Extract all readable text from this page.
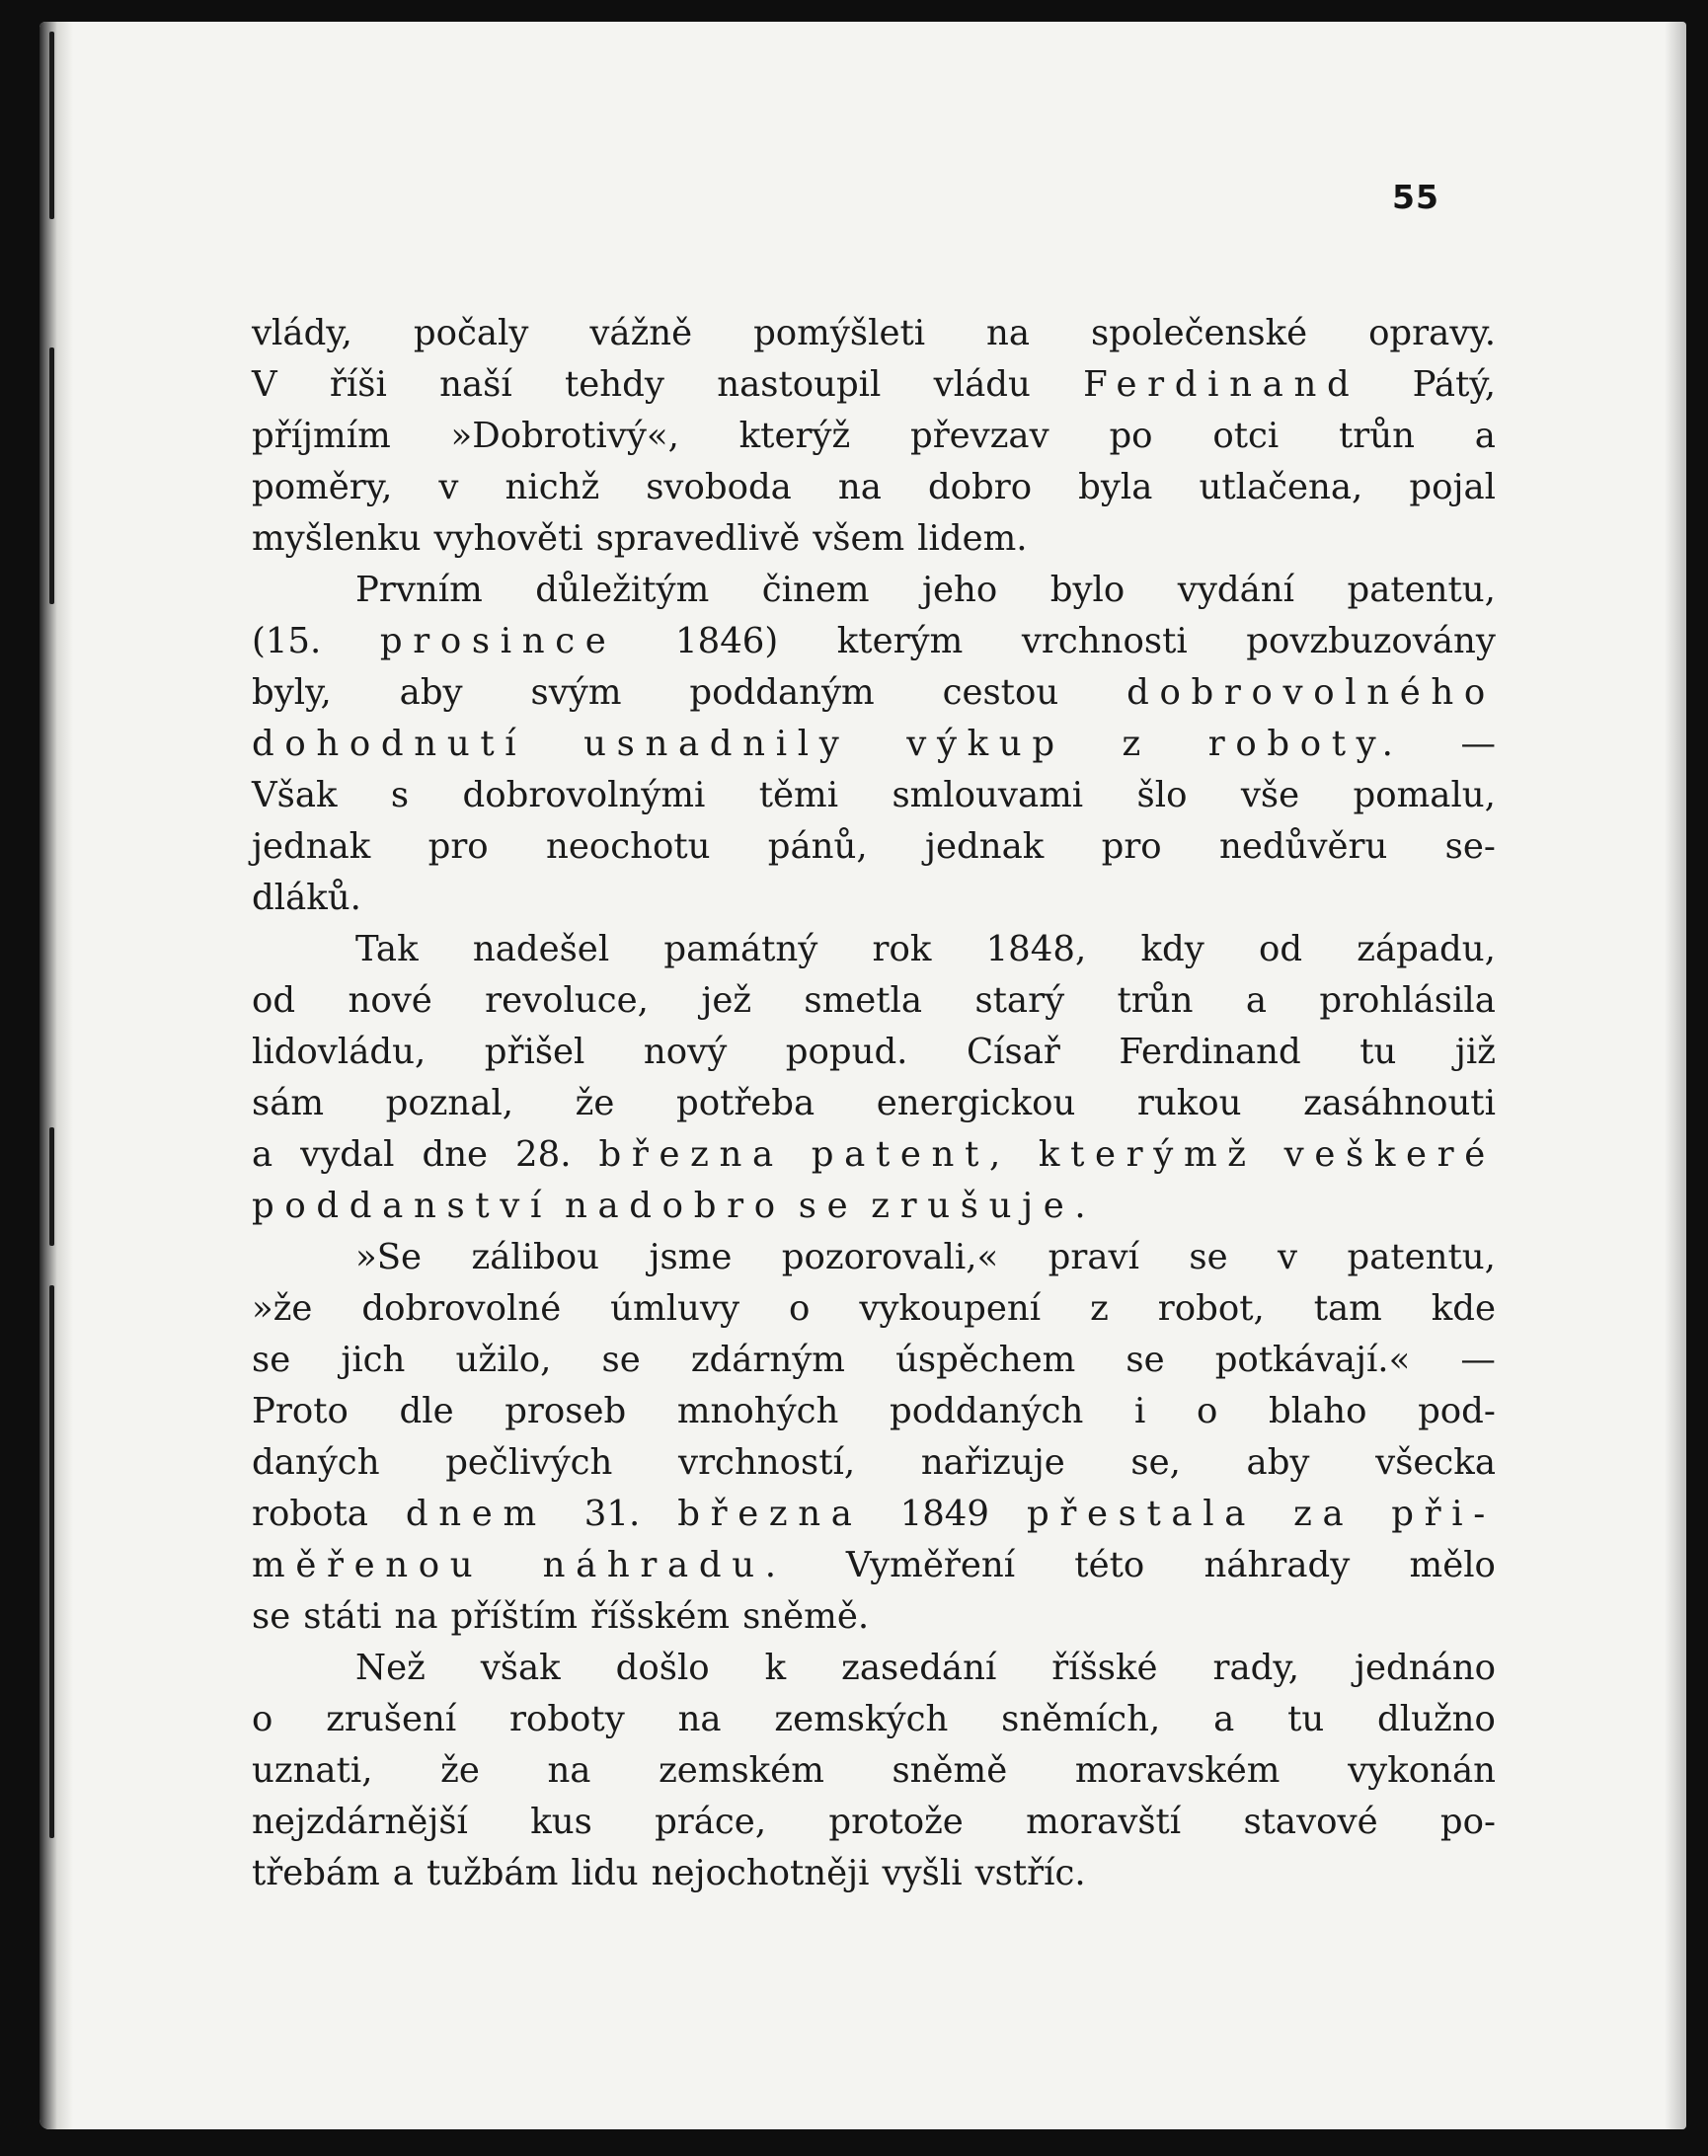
55
vlády, počaly vážně pomýšleti na společenské opravy.
V říši naší tehdy nastoupil vládu Ferdinand Pátý,
příjmím »Dobrotivý«, kterýž převzav po otci trůn a
poměry, v nichž svoboda na dobro byla utlačena, pojal
myšlenku vyhověti spravedlivě všem lidem.
Prvním důležitým činem jeho bylo vydání patentu,
(15. prosince 1846) kterým vrchnosti povzbuzovány
byly, aby svým poddaným cestou dobrovolného
dohodnutí usnadnily výkup z roboty. —
Však s dobrovolnými těmi smlouvami šlo vše pomalu,
jednak pro neochotu pánů, jednak pro nedůvěru se-
dláků.
Tak nadešel památný rok 1848, kdy od západu,
od nové revoluce, jež smetla starý trůn a prohlásila
lidovládu, přišel nový popud. Císař Ferdinand tu již
sám poznal, že potřeba energickou rukou zasáhnouti
a vydal dne 28. března patent, kterýmž veškeré
poddanství nadobro se zrušuje.
»Se zálibou jsme pozorovali,« praví se v patentu,
»že dobrovolné úmluvy o vykoupení z robot, tam kde
se jich užilo, se zdárným úspěchem se potkávají.« —
Proto dle proseb mnohých poddaných i o blaho pod-
daných pečlivých vrchností, nařizuje se, aby všecka
robota dnem 31. března 1849 přestala za při-
měřenou náhradu. Vyměření této náhrady mělo
se státi na příštím říšském sněmě.
Než však došlo k zasedání říšské rady, jednáno
o zrušení roboty na zemských sněmích, a tu dlužno
uznati, že na zemském sněmě moravském vykonán
nejzdárnější kus práce, protože moravští stavové po-
třebám a tužbám lidu nejochotněji vyšli vstříc.
